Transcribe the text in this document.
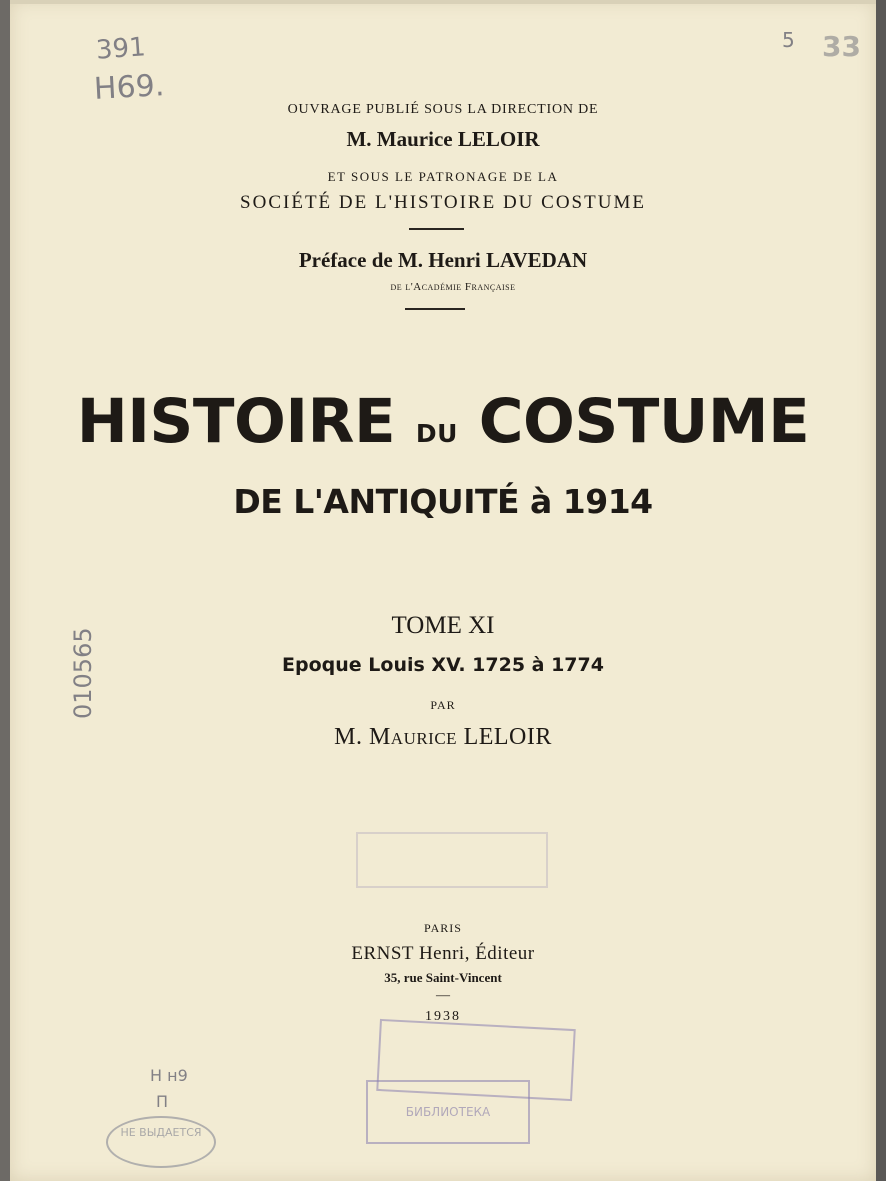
391
H69.
5 33
010565
Н н9
П
OUVRAGE PUBLIÉ SOUS LA DIRECTION DE
M. Maurice LELOIR
ET SOUS LE PATRONAGE DE LA
SOCIÉTÉ DE L'HISTOIRE DU COSTUME
Préface de M. Henri LAVEDAN
de l'Académie Française
HISTOIRE du COSTUME
DE L'ANTIQUITÉ à 1914
TOME XI
Epoque Louis XV. 1725 à 1774
PAR
M. Maurice LELOIR
PARIS
ERNST Henri, Éditeur
35, rue Saint-Vincent
—
1938
БИБЛИОТЕКА
НЕ ВЫДАЕТСЯ
